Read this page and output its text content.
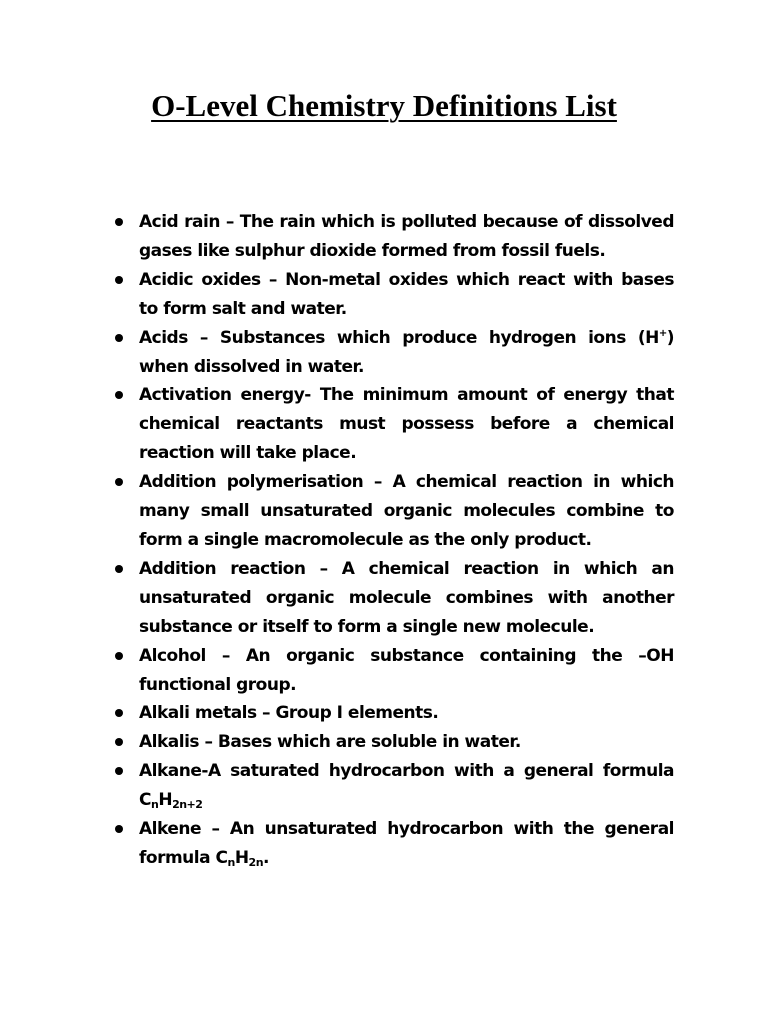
O-Level Chemistry Definitions List
Acid rain – The rain which is polluted because of dissolved gases like sulphur dioxide formed from fossil fuels.
Acidic oxides – Non-metal oxides which react with bases to form salt and water.
Acids – Substances which produce hydrogen ions (H+) when dissolved in water.
Activation energy- The minimum amount of energy that chemical reactants must possess before a chemical reaction will take place.
Addition polymerisation – A chemical reaction in which many small unsaturated organic molecules combine to form a single macromolecule as the only product.
Addition reaction – A chemical reaction in which an unsaturated organic molecule combines with another substance or itself to form a single new molecule.
Alcohol – An organic substance containing the –OH functional group.
Alkali metals – Group I elements.
Alkalis – Bases which are soluble in water.
Alkane-A saturated hydrocarbon with a general formula $C_nH_{2n+2}$
Alkene – An unsaturated hydrocarbon with the general formula $C_nH_{2n}$.
